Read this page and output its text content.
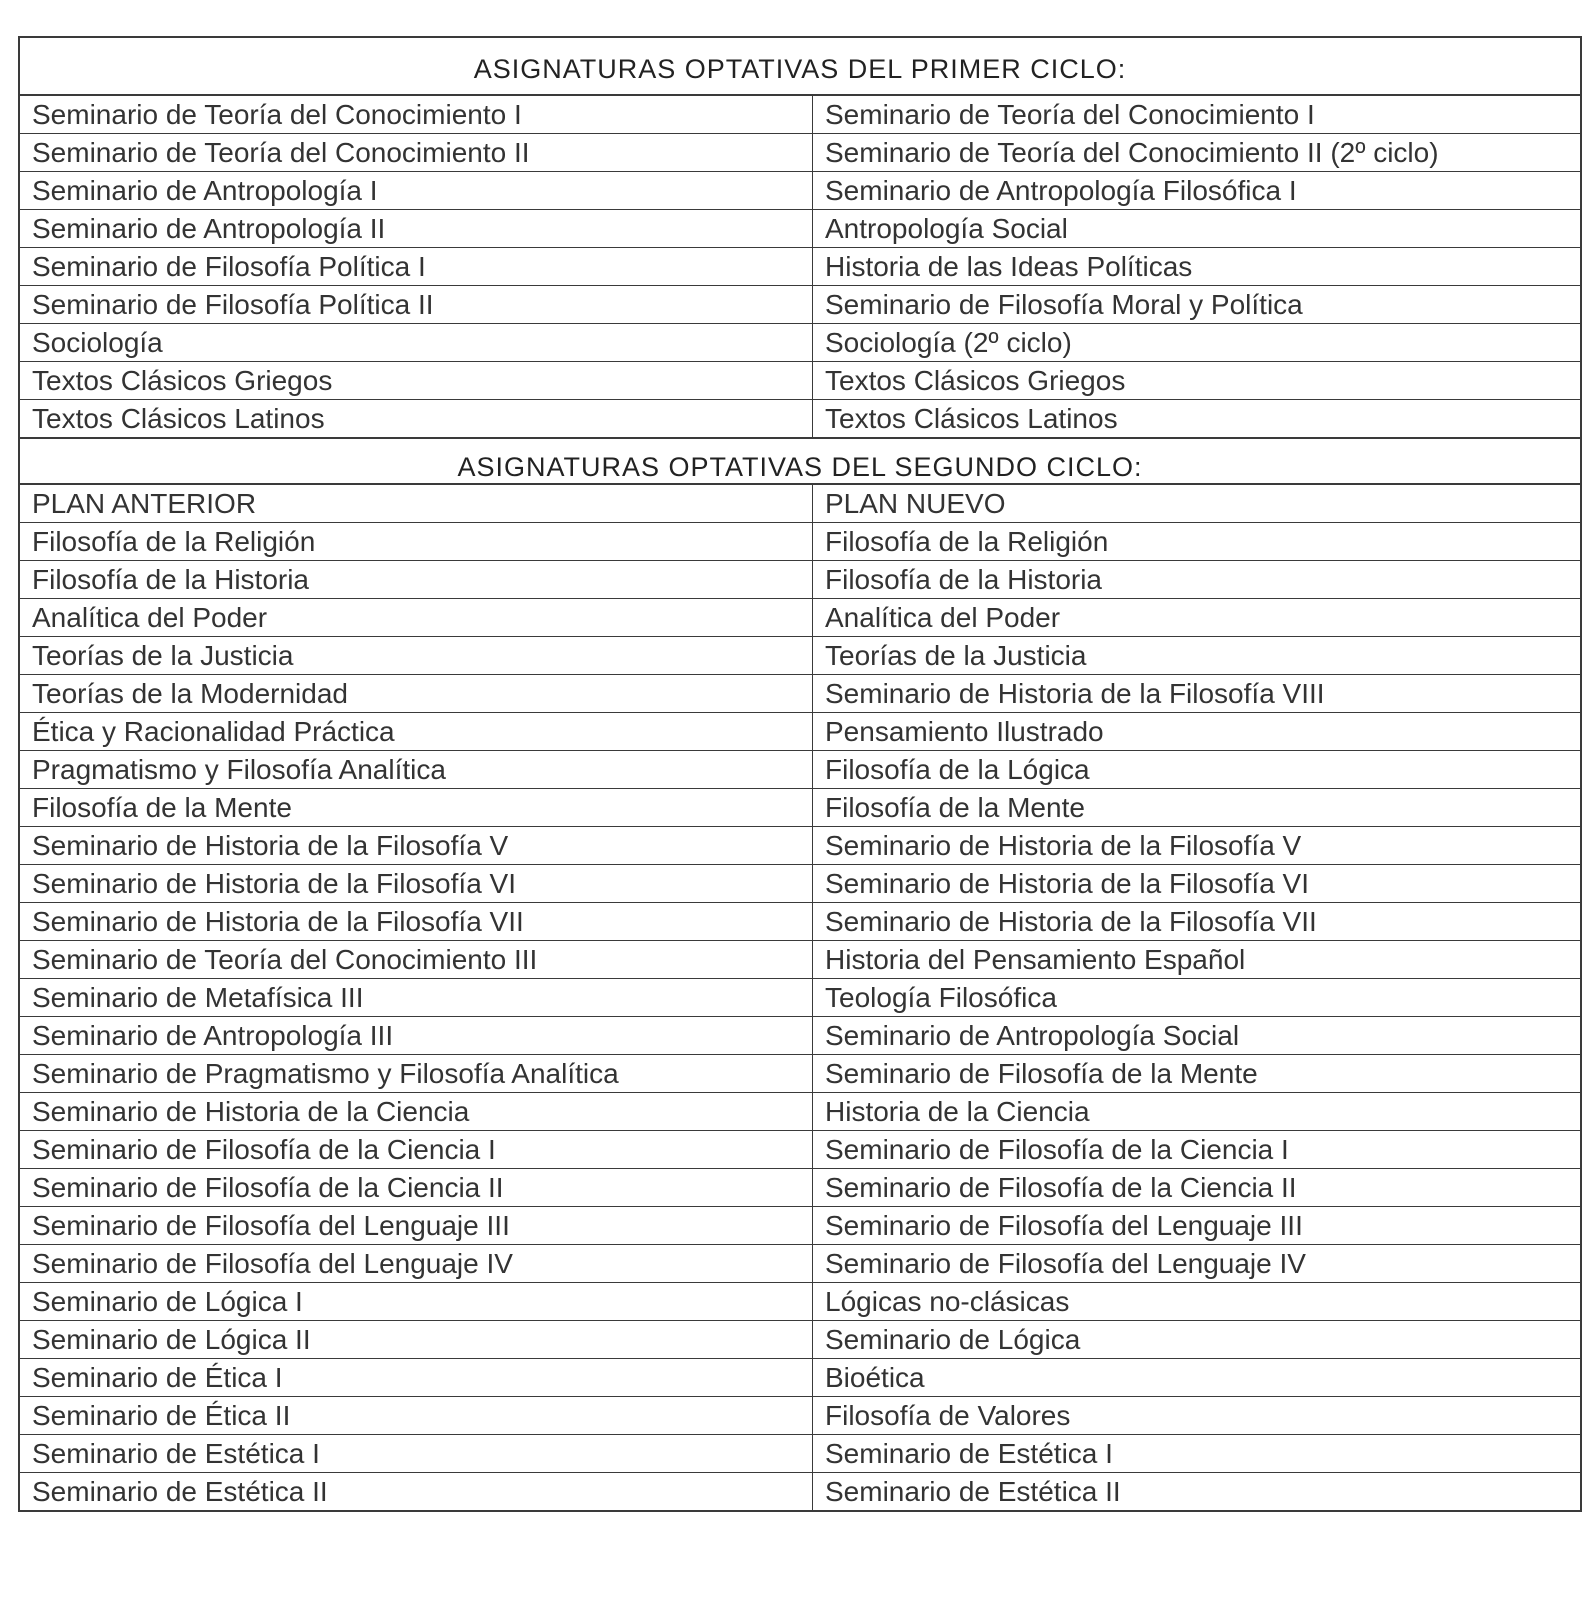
ASIGNATURAS OPTATIVAS DEL PRIMER CICLO:
Seminario de Teoría del Conocimiento I	Seminario de Teoría del Conocimiento I
Seminario de Teoría del Conocimiento II	Seminario de Teoría del Conocimiento II (2º ciclo)
Seminario de Antropología I	Seminario de Antropología Filosófica I
Seminario de Antropología II	Antropología Social
Seminario de Filosofía Política I	Historia de las Ideas Políticas
Seminario de Filosofía Política II	Seminario de Filosofía Moral y Política
Sociología	Sociología (2º ciclo)
Textos Clásicos Griegos	Textos Clásicos Griegos
Textos Clásicos Latinos	Textos Clásicos Latinos
ASIGNATURAS OPTATIVAS DEL SEGUNDO CICLO:
PLAN ANTERIOR	PLAN NUEVO
Filosofía de la Religión	Filosofía de la Religión
Filosofía de la Historia	Filosofía de la Historia
Analítica del Poder	Analítica del Poder
Teorías de la Justicia	Teorías de la Justicia
Teorías de la Modernidad	Seminario de Historia de la Filosofía VIII
Ética y Racionalidad Práctica	Pensamiento Ilustrado
Pragmatismo y Filosofía Analítica	Filosofía de la Lógica
Filosofía de la Mente	Filosofía de la Mente
Seminario de Historia de la Filosofía V	Seminario de Historia de la Filosofía V
Seminario de Historia de la Filosofía VI	Seminario de Historia de la Filosofía VI
Seminario de Historia de la Filosofía VII	Seminario de Historia de la Filosofía VII
Seminario de Teoría del Conocimiento III	Historia del Pensamiento Español
Seminario de Metafísica III	Teología Filosófica
Seminario de Antropología III	Seminario de Antropología Social
Seminario de Pragmatismo y Filosofía Analítica	Seminario de Filosofía de la Mente
Seminario de Historia de la Ciencia	Historia de la Ciencia
Seminario de Filosofía de la Ciencia I	Seminario de Filosofía de la Ciencia I
Seminario de Filosofía de la Ciencia II	Seminario de Filosofía de la Ciencia II
Seminario de Filosofía del Lenguaje III	Seminario de Filosofía del Lenguaje III
Seminario de Filosofía del Lenguaje IV	Seminario de Filosofía del Lenguaje IV
Seminario de Lógica I	Lógicas no-clásicas
Seminario de Lógica II	Seminario de Lógica
Seminario de Ética I	Bioética
Seminario de Ética II	Filosofía de Valores
Seminario de Estética I	Seminario de Estética I
Seminario de Estética II	Seminario de Estética II
